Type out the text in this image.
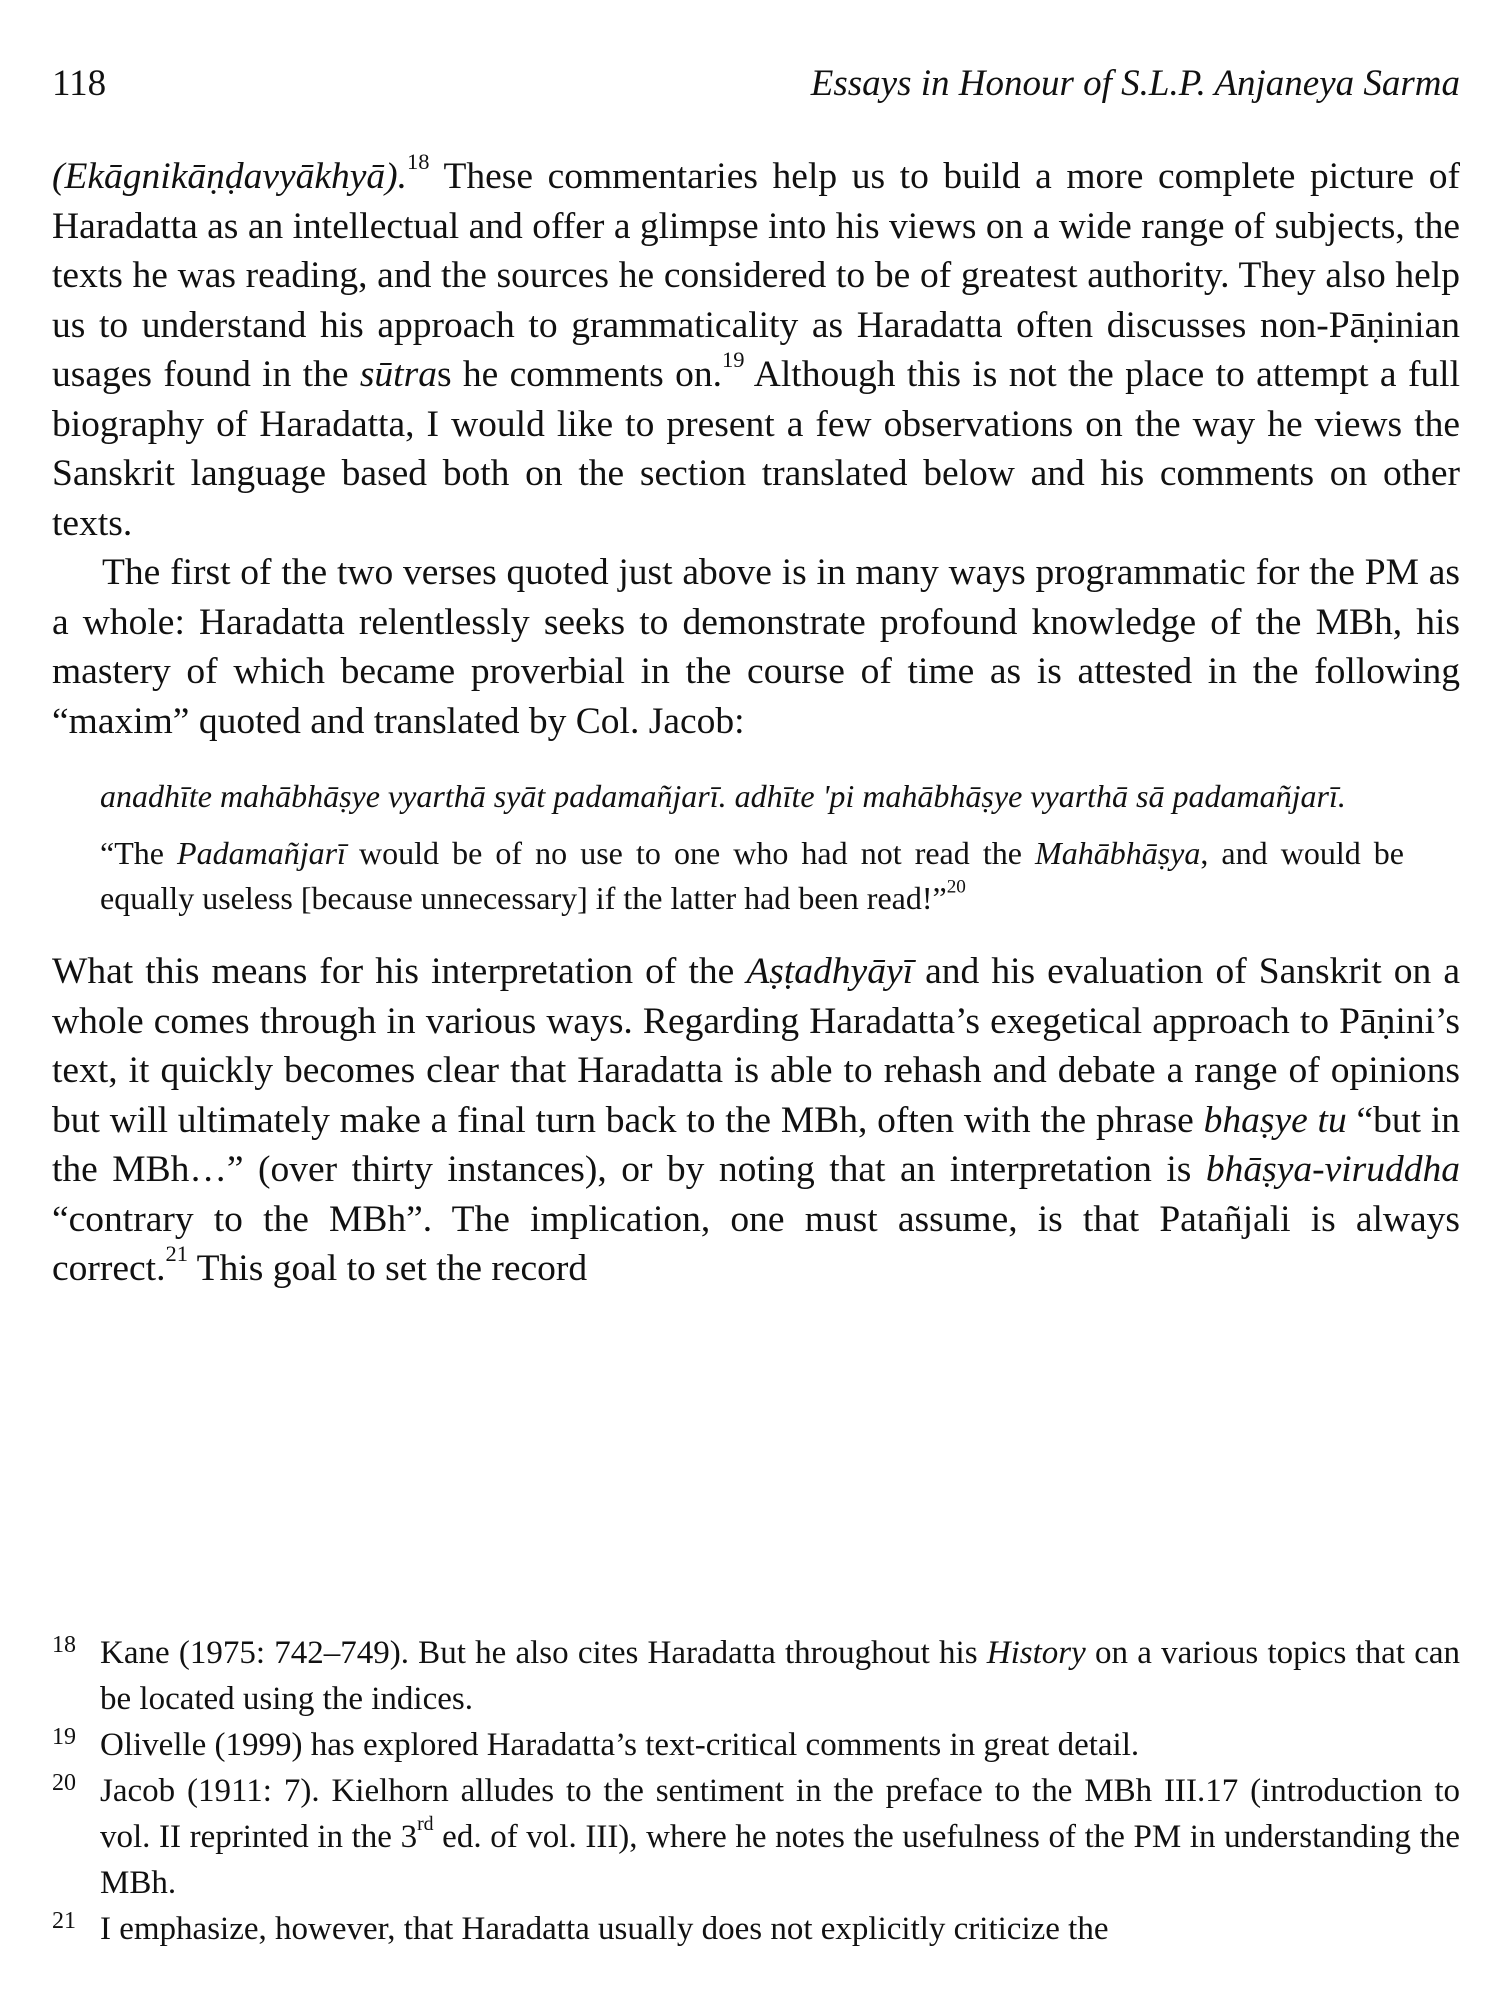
118	Essays in Honour of S.L.P. Anjaneya Sarma

(Ekāgnikāṇḍavyākhyā).$^{18}$ These commentaries help us to build a more complete picture of Haradatta as an intellectual and offer a glimpse into his views on a wide range of subjects, the texts he was reading, and the sources he considered to be of greatest authority. They also help us to understand his approach to grammaticality as Haradatta often discusses non-Pāṇinian usages found in the sūtras he comments on.$^{19}$ Although this is not the place to attempt a full biography of Haradatta, I would like to present a few observations on the way he views the Sanskrit language based both on the section translated below and his comments on other texts.

The first of the two verses quoted just above is in many ways programmatic for the PM as a whole: Haradatta relentlessly seeks to demonstrate profound knowledge of the MBh, his mastery of which became proverbial in the course of time as is attested in the following “maxim” quoted and translated by Col. Jacob:

anadhīte mahābhāṣye vyarthā syāt padamañjarī. adhīte 'pi mahābhāṣye vyarthā sā padamañjarī.

“The Padamañjarī would be of no use to one who had not read the Mahābhāṣya, and would be equally useless [because unnecessary] if the latter had been read!”$^{20}$

What this means for his interpretation of the Aṣṭadhyāyī and his evaluation of Sanskrit on a whole comes through in various ways. Regarding Haradatta’s exegetical approach to Pāṇini’s text, it quickly becomes clear that Haradatta is able to rehash and debate a range of opinions but will ultimately make a final turn back to the MBh, often with the phrase bhaṣye tu “but in the MBh…” (over thirty instances), or by noting that an interpretation is bhāṣya-viruddha “contrary to the MBh”. The implication, one must assume, is that Patañjali is always correct.$^{21}$ This goal to set the record

18 Kane (1975: 742–749). But he also cites Haradatta throughout his History on a various topics that can be located using the indices.

19 Olivelle (1999) has explored Haradatta’s text-critical comments in great detail.

20 Jacob (1911: 7). Kielhorn alludes to the sentiment in the preface to the MBh III.17 (introduction to vol. II reprinted in the 3rd ed. of vol. III), where he notes the usefulness of the PM in understanding the MBh.

21 I emphasize, however, that Haradatta usually does not explicitly criticize the
